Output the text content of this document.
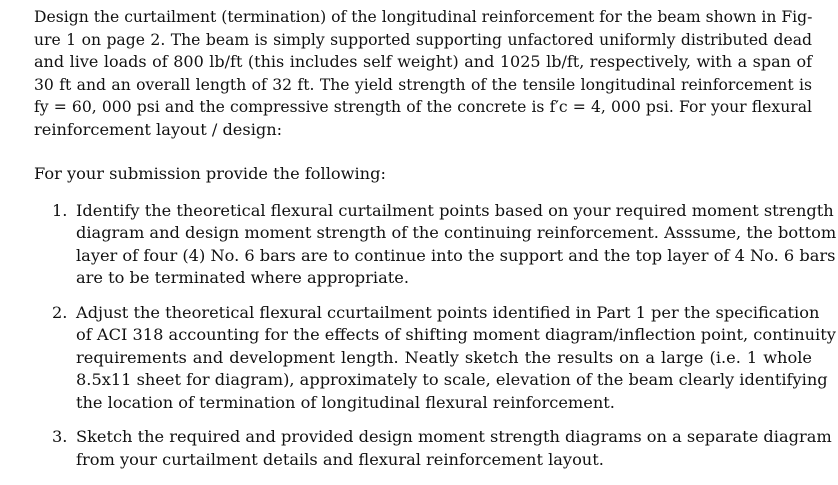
Design the curtailment (termination) of the longitudinal reinforcement for the beam shown in Fig-
ure 1 on page 2. The beam is simply supported supporting unfactored uniformly distributed dead
and live loads of 800 lb/ft (this includes self weight) and 1025 lb/ft, respectively, with a span of
30 ft and an overall length of 32 ft. The yield strength of the tensile longitudinal reinforcement is
fy = 60, 000 psi and the compressive strength of the concrete is f′c = 4, 000 psi. For your flexural
reinforcement layout / design:
For your submission provide the following:
1. Identify the theoretical flexural curtailment points based on your required moment strength
diagram and design moment strength of the continuing reinforcement. Asssume, the bottom
layer of four (4) No. 6 bars are to continue into the support and the top layer of 4 No. 6 bars
are to be terminated where appropriate.
2. Adjust the theoretical flexural ccurtailment points identified in Part 1 per the specification
of ACI 318 accounting for the effects of shifting moment diagram/inflection point, continuity
requirements and development length. Neatly sketch the results on a large (i.e. 1 whole
8.5x11 sheet for diagram), approximately to scale, elevation of the beam clearly identifying
the location of termination of longitudinal flexural reinforcement.
3. Sketch the required and provided design moment strength diagrams on a separate diagram
from your curtailment details and flexural reinforcement layout.
